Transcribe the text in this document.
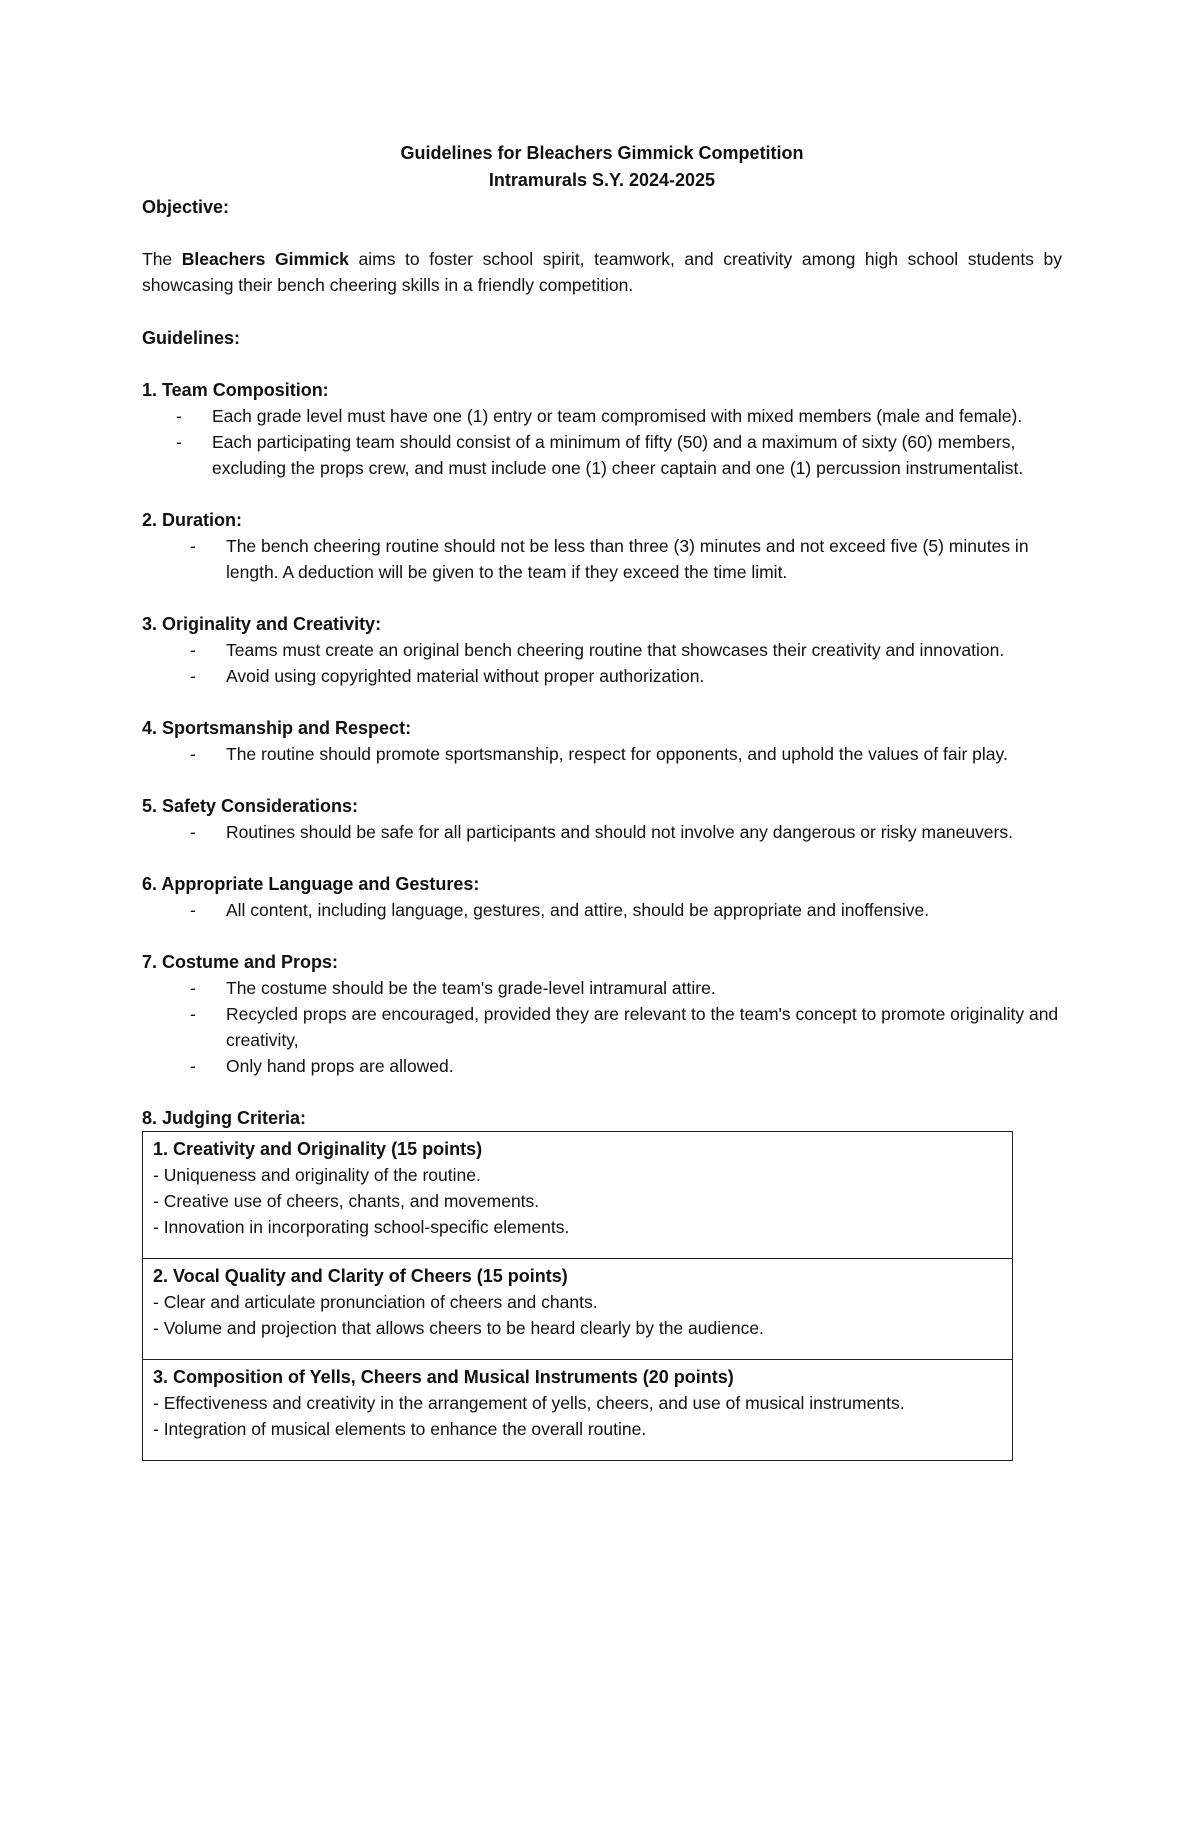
Guidelines for Bleachers Gimmick Competition

Intramurals S.Y. 2024-2025

Objective:

The Bleachers Gimmick aims to foster school spirit, teamwork, and creativity among high school students by showcasing their bench cheering skills in a friendly competition.

Guidelines:

1. Team Composition:

- Each grade level must have one (1) entry or team compromised with mixed members (male and female).
- Each participating team should consist of a minimum of fifty (50) and a maximum of sixty (60) members, excluding the props crew, and must include one (1) cheer captain and one (1) percussion instrumentalist.

2. Duration:

- The bench cheering routine should not be less than three (3) minutes and not exceed five (5) minutes in length. A deduction will be given to the team if they exceed the time limit.

3. Originality and Creativity:

- Teams must create an original bench cheering routine that showcases their creativity and innovation.
- Avoid using copyrighted material without proper authorization.

4. Sportsmanship and Respect:

- The routine should promote sportsmanship, respect for opponents, and uphold the values of fair play.

5. Safety Considerations:

- Routines should be safe for all participants and should not involve any dangerous or risky maneuvers.

6. Appropriate Language and Gestures:

- All content, including language, gestures, and attire, should be appropriate and inoffensive.

7. Costume and Props:

- The costume should be the team's grade-level intramural attire.
- Recycled props are encouraged, provided they are relevant to the team's concept to promote originality and creativity,
- Only hand props are allowed.

8. Judging Criteria:

1. Creativity and Originality (15 points)
- Uniqueness and originality of the routine.
- Creative use of cheers, chants, and movements.
- Innovation in incorporating school-specific elements.

2. Vocal Quality and Clarity of Cheers (15 points)
- Clear and articulate pronunciation of cheers and chants.
- Volume and projection that allows cheers to be heard clearly by the audience.

3. Composition of Yells, Cheers and Musical Instruments (20 points)
- Effectiveness and creativity in the arrangement of yells, cheers, and use of musical instruments.
- Integration of musical elements to enhance the overall routine.
